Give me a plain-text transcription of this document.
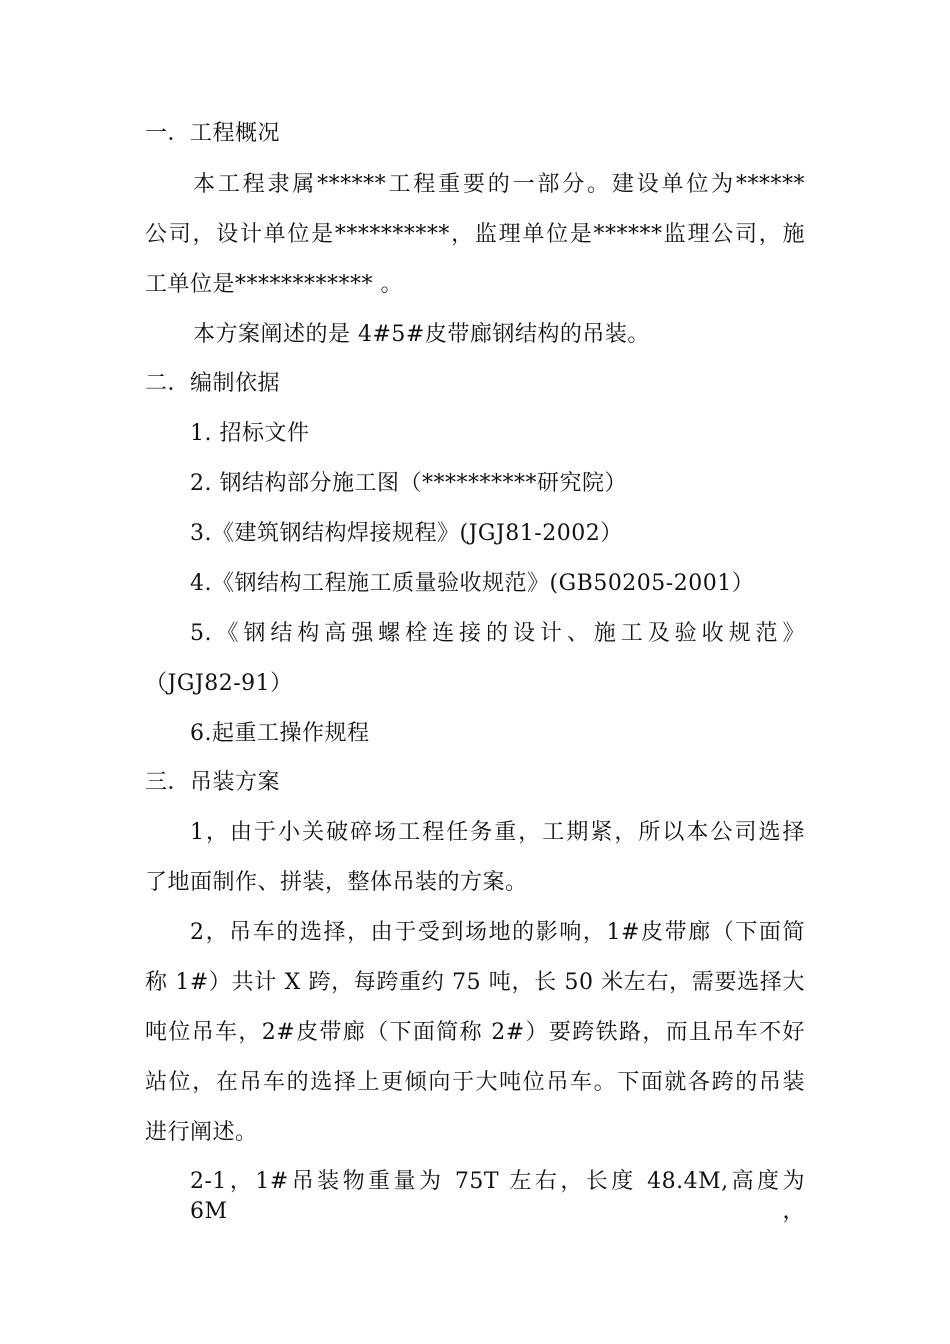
一．工程概况
本工程隶属******工程重要的一部分。建设单位为******
公司，设计单位是**********，监理单位是******监理公司，施
工单位是************ 。
本方案阐述的是 4#5#皮带廊钢结构的吊装。
二．编制依据
1. 招标文件
2. 钢结构部分施工图（**********研究院）
3.《建筑钢结构焊接规程》(JGJ81-2002）
4.《钢结构工程施工质量验收规范》(GB50205-2001）
5.《钢结构高强螺栓连接的设计、施工及验收规范》
（JGJ82-91）
6.起重工操作规程
三．吊装方案
1，由于小关破碎场工程任务重，工期紧，所以本公司选择
了地面制作、拼装，整体吊装的方案。
2，吊车的选择，由于受到场地的影响，1#皮带廊（下面简
称 1#）共计 X 跨，每跨重约 75 吨，长 50 米左右，需要选择大
吨位吊车，2#皮带廊（下面简称 2#）要跨铁路，而且吊车不好
站位，在吊车的选择上更倾向于大吨位吊车。下面就各跨的吊装
进行阐述。
2-1，1#吊装物重量为 75T 左右，长度 48.4M,高度为 6M，
